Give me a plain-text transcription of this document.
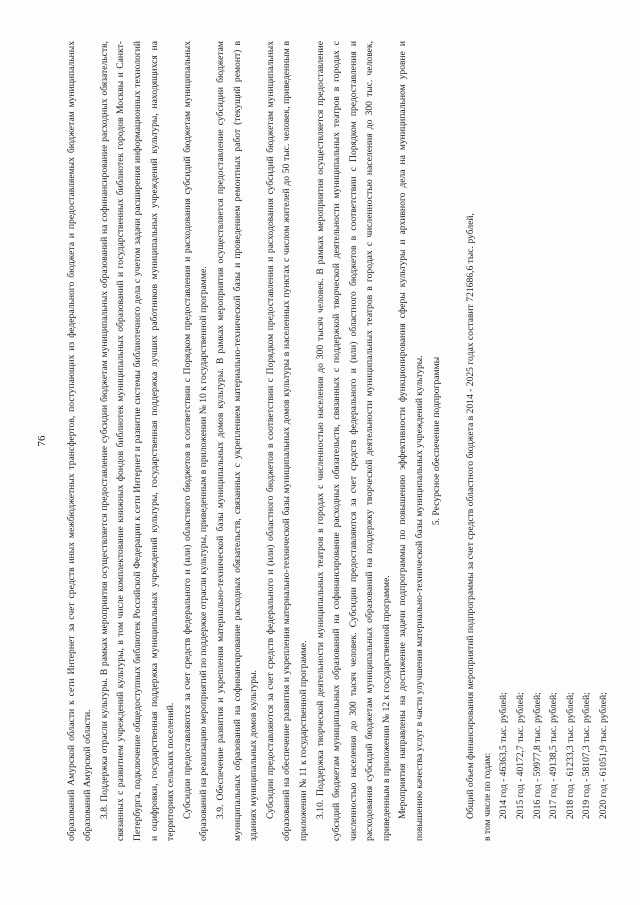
76 образований Амурской области к сети Интернет за счет средств иных межбюджетных трансфертов, поступающих из федерального бюджета и предоставляемых бюджетам муниципальных образований Амурской области. 3.8. Поддержка отрасли культуры. В рамках мероприятия осуществляется предоставление субсидии бюджетам муниципальных образований на софинансирование расходных обязательств, связанных с развитием учреждений культуры, в том числе комплектование книжных фондов библиотек муниципальных образований и государственных библиотек городов Москвы и Санкт-Петербурга, подключение общедоступных библиотек Российской Федерации к сети Интернет и развитие системы библиотечного дела с учетом задачи расширения информационных технологий и оцифровки, государственная поддержка муниципальных учреждений культуры, государственная поддержка лучших работников муниципальных учреждений культуры, находящихся на территориях сельских поселений. Субсидии предоставляются за счет средств федерального и (или) областного бюджетов в соответствии с Порядком предоставления и расходования субсидий бюджетам муниципальных образований на реализацию мероприятий по поддержке отрасли культуры, приведенным в приложении № 10 к государственной программе. 3.9. Обеспечение развития и укрепления материально-технической базы муниципальных домов культуры. В рамках мероприятия осуществляется предоставление субсидии бюджетам муниципальных образований на софинансирование расходных обязательств, связанных с укреплением материально-технической базы и проведением ремонтных работ (текущий ремонт) в зданиях муниципальных домов культуры. Субсидии предоставляются за счет средств федерального и (или) областного бюджетов в соответствии с Порядком предоставления и расходования субсидий бюджетам муниципальных образований на обеспечение развития и укрепления материально-технической базы муниципальных домов культуры в населенных пунктах с числом жителей до 50 тыс. человек, приведенным в приложении № 11 к государственной программе. 3.10. Поддержка творческой деятельности муниципальных театров в городах с численностью населения до 300 тысяч человек. В рамках мероприятия осуществляется предоставление субсидий бюджетам муниципальных образований на софинансирование расходных обязательств, связанных с поддержкой творческой деятельности муниципальных театров в городах с численностью населения до 300 тысяч человек. Субсидии предоставляются за счет средств федерального и (или) областного бюджетов в соответствии с Порядком предоставления и расходования субсидий бюджетам муниципальных образований на поддержку творческой деятельности муниципальных театров в городах с численностью населения до 300 тыс. человек, приведенным в приложении № 12 к государственной программе. Мероприятия направлены на достижение задачи подпрограммы по повышению эффективности функционирования сферы культуры и архивного дела на муниципальном уровне и повышению качества услуг в части улучшения материально-технической базы муниципальных учреждений культуры. 5. Ресурсное обеспечение подпрограммы	Общий объем финансирования мероприятий подпрограммы за счет средств областного бюджета в 2014 - 2025 годах составит 721686,6 тыс. рублей, в том числе по годам: 2014 год - 46363,5 тыс. рублей; 2015 год - 40172,7 тыс. рублей; 2016 год - 59977,8 тыс. рублей; 2017 год - 49138,5 тыс. рублей; 2018 год - 61233,3 тыс. рублей; 2019 год - 58107,3 тыс. рублей; 2020 год - 61051,9 тыс. рублей;
